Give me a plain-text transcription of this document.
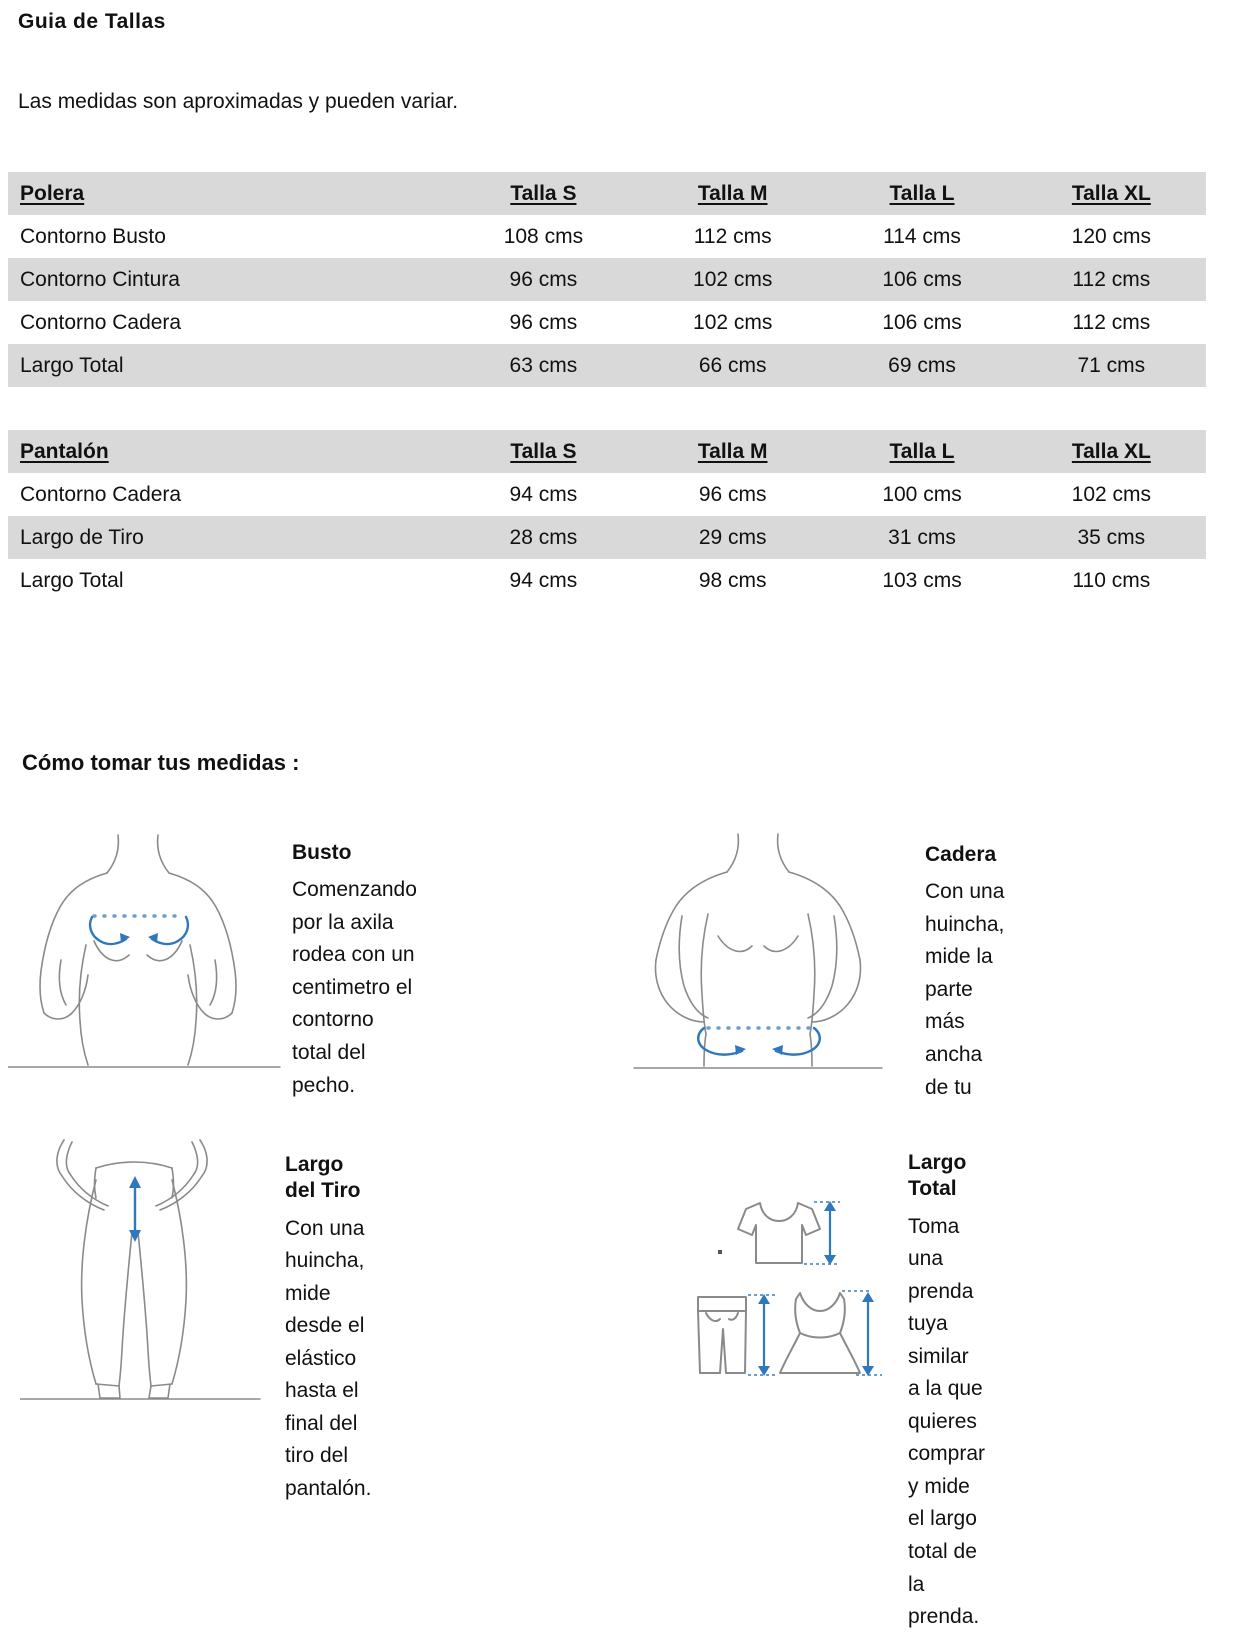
Guia de Tallas
Las medidas son aproximadas y pueden variar.
Polera	Talla S	Talla M	Talla L	Talla XL
Contorno Busto	108 cms	112 cms	114 cms	120 cms
Contorno Cintura	96 cms	102 cms	106 cms	112 cms
Contorno Cadera	96 cms	102 cms	106 cms	112 cms
Largo Total	63 cms	66 cms	69 cms	71 cms
Pantalón	Talla S	Talla M	Talla L	Talla XL
Contorno Cadera	94 cms	96 cms	100 cms	102 cms
Largo de Tiro	28 cms	29 cms	31 cms	35 cms
Largo Total	94 cms	98 cms	103 cms	110 cms
Cómo tomar tus medidas :

Busto

Comenzando por la axila rodea con un centimetro el contorno total del pecho.

Cadera

Con una huincha, mide la parte más ancha de tu

Largo del Tiro

Con una huincha, mide desde el elástico hasta el final del tiro del pantalón.

Largo Total

Toma una prenda tuya similar a la que quieres comprar y mide el largo total de la prenda.
